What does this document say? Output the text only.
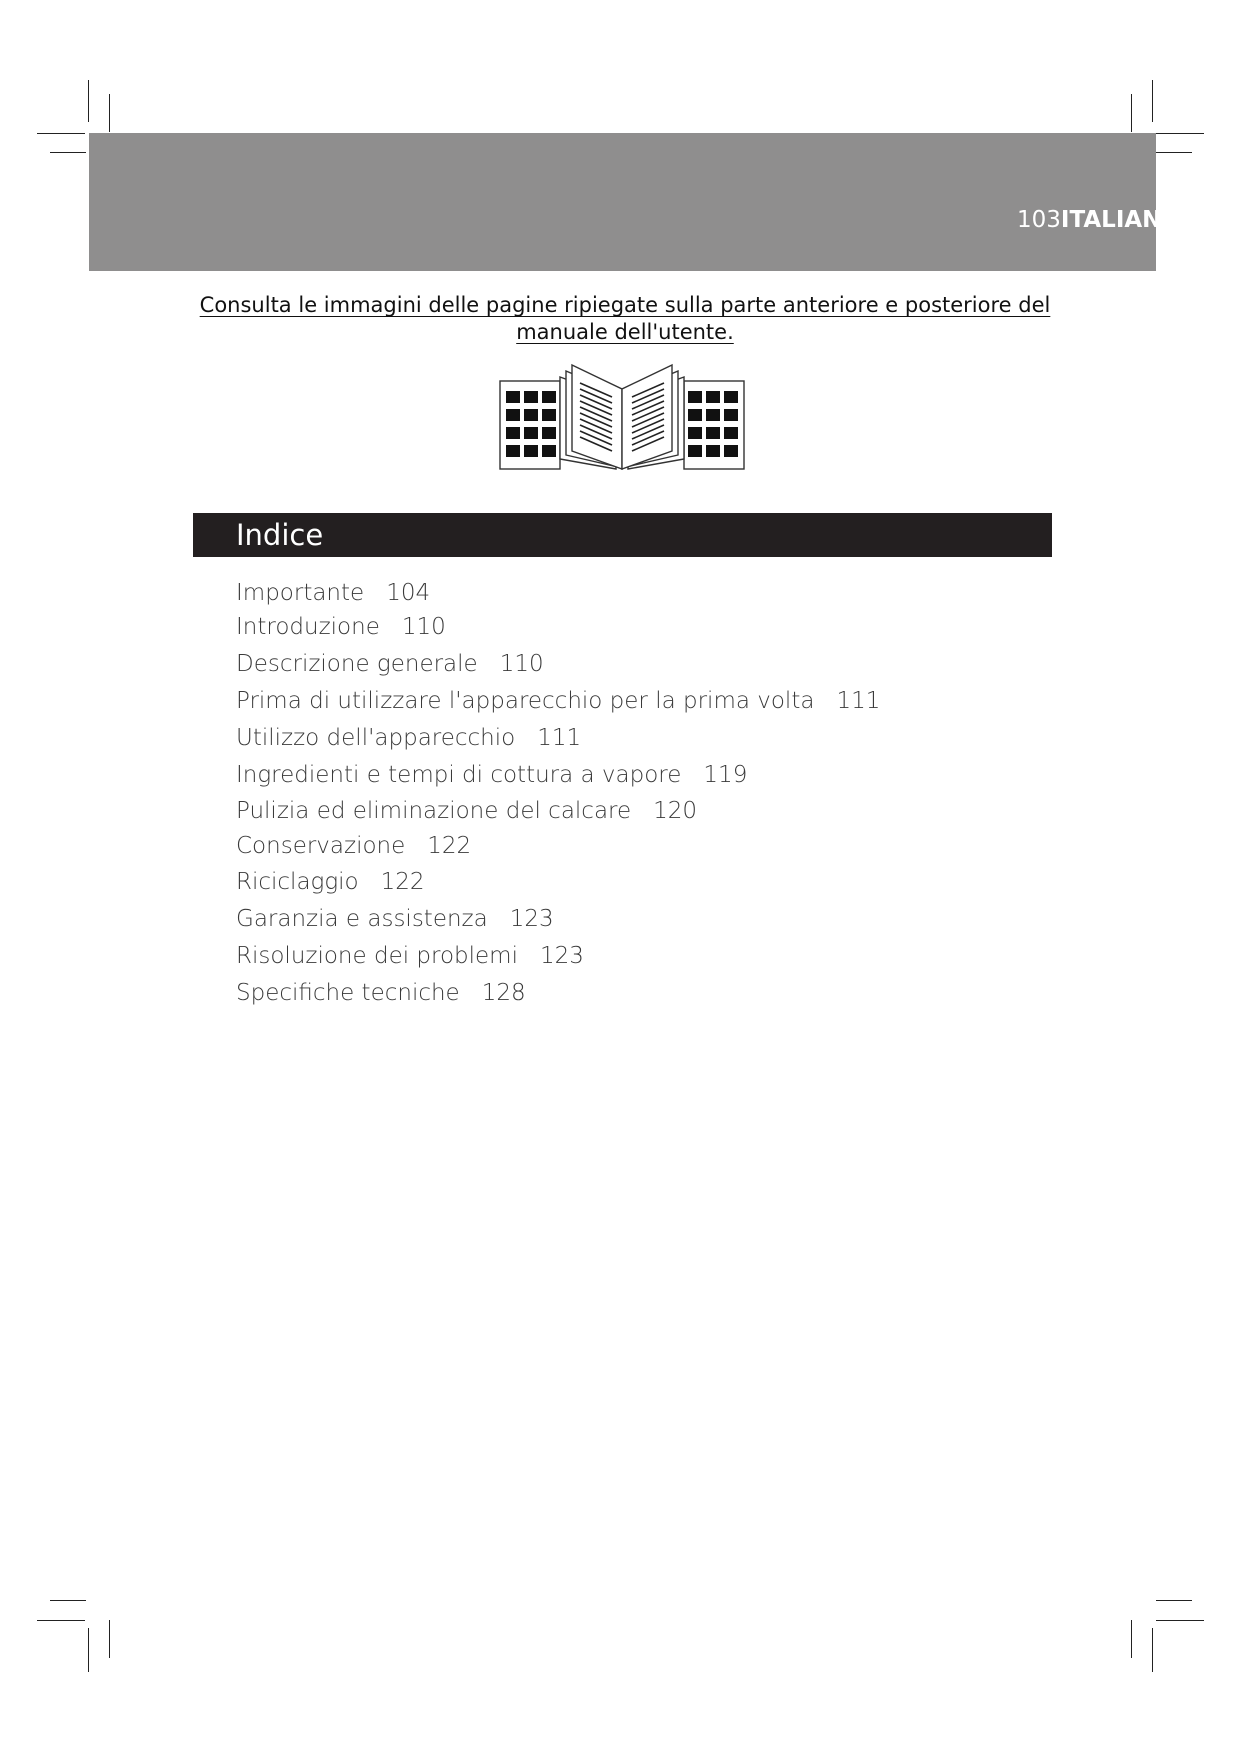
103ITALIANO
Consulta le immagini delle pagine ripiegate sulla parte anteriore e posteriore del manuale dell'utente.
Indice
Importante 104
Introduzione 110
Descrizione generale 110
Prima di utilizzare l'apparecchio per la prima volta 111
Utilizzo dell'apparecchio 111
Ingredienti e tempi di cottura a vapore 119
Pulizia ed eliminazione del calcare 120
Conservazione 122
Riciclaggio 122
Garanzia e assistenza 123
Risoluzione dei problemi 123
Specifiche tecniche 128
